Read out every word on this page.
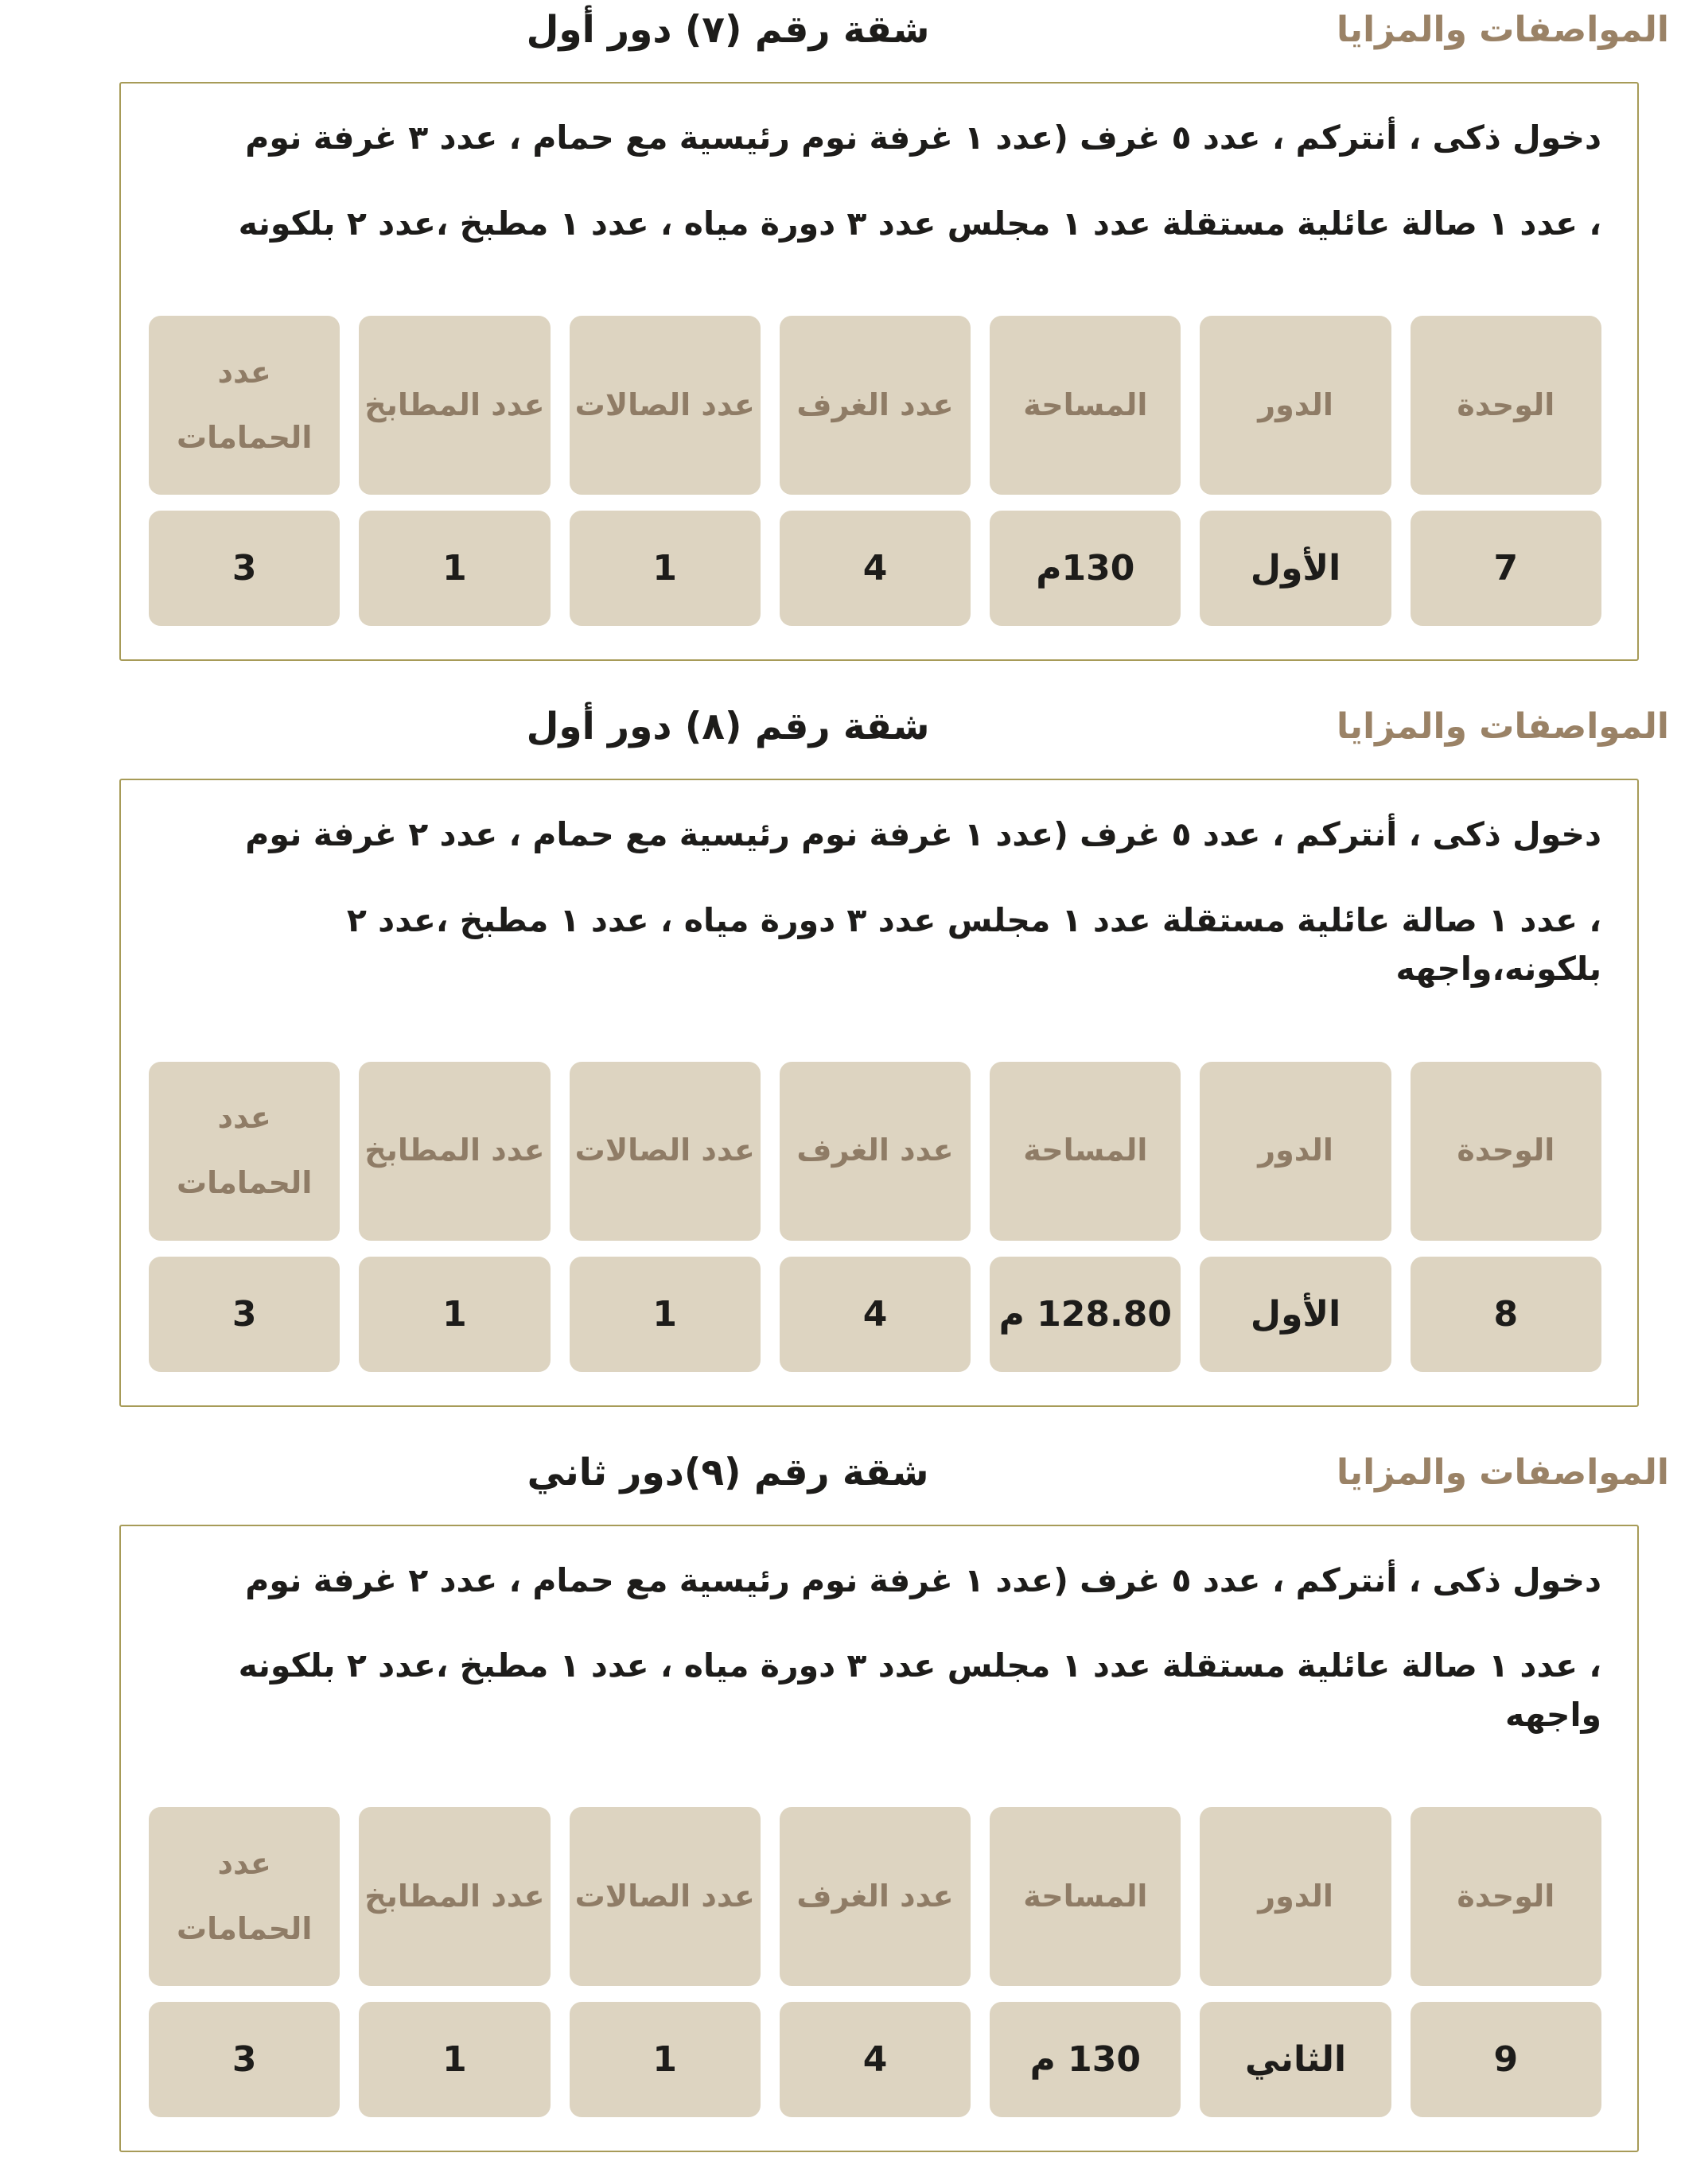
المواصفات والمزايا
شقة رقم (٧) دور أول

دخول ذكى ، أنتركم ، عدد ٥ غرف (عدد ١ غرفة نوم رئيسية مع حمام ، عدد ٣ غرفة نوم

، عدد ١ صالة عائلية مستقلة عدد ١ مجلس عدد ٣ دورة مياه ، عدد ١ مطبخ ،عدد ٢ بلكونه

الوحدة
الدور
المساحة
عدد الغرف
عدد الصالات
عدد المطابخ
عدد الحمامات
7
الأول
130م
4
1
1
3
المواصفات والمزايا
شقة رقم (٨) دور أول

دخول ذكى ، أنتركم ، عدد ٥ غرف (عدد ١ غرفة نوم رئيسية مع حمام ، عدد ٢ غرفة نوم

، عدد ١ صالة عائلية مستقلة عدد ١ مجلس عدد ٣ دورة مياه ، عدد ١ مطبخ ،عدد ٢ بلكونه،واجهه

الوحدة
الدور
المساحة
عدد الغرف
عدد الصالات
عدد المطابخ
عدد الحمامات
8
الأول
128.80 م
4
1
1
3
المواصفات والمزايا
شقة رقم (٩)دور ثاني

دخول ذكى ، أنتركم ، عدد ٥ غرف (عدد ١ غرفة نوم رئيسية مع حمام ، عدد ٢ غرفة نوم

، عدد ١ صالة عائلية مستقلة عدد ١ مجلس عدد ٣ دورة مياه ، عدد ١ مطبخ ،عدد ٢ بلكونه واجهه

الوحدة
الدور
المساحة
عدد الغرف
عدد الصالات
عدد المطابخ
عدد الحمامات
9
الثاني
130 م
4
1
1
3
